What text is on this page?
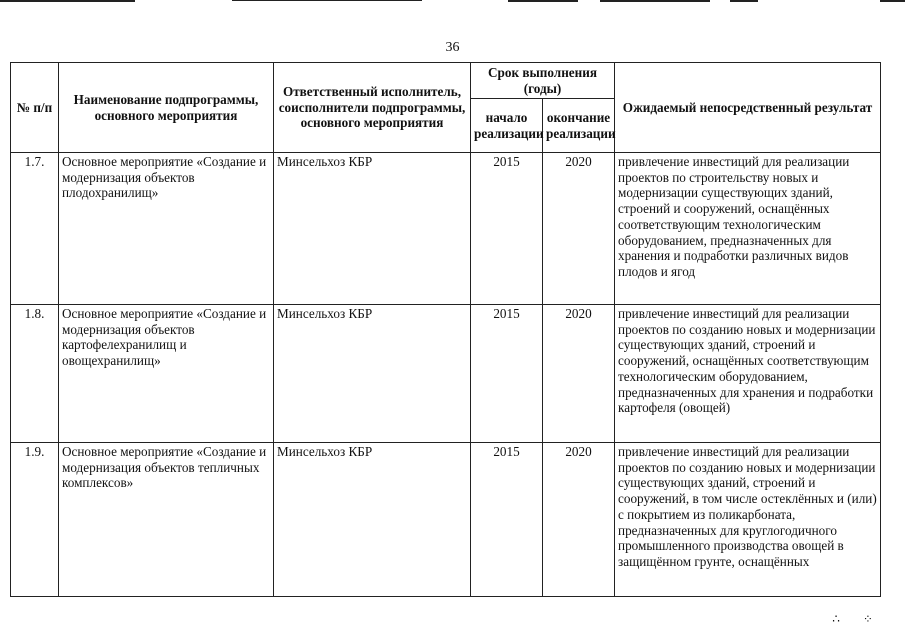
36
№ п/п	Наименование подпрограммы, основного мероприятия	Ответственный исполнитель, соисполнители подпрограммы, основного мероприятия	Срок выполнения (годы)		Ожидаемый непосредственный результат
			начало реализации	окончание реализации	
1.7.	Основное мероприятие «Создание и модернизация объектов плодохранилищ»	Минсельхоз КБР	2015	2020	привлечение инвестиций для реализации проектов по строительству новых и модернизации существующих зданий, строений и сооружений, оснащённых соответствующим технологическим оборудованием, предназначенных для хранения и подработки различных видов плодов и ягод
1.8.	Основное мероприятие «Создание и модернизация объектов картофелехранилищ и овощехранилищ»	Минсельхоз КБР	2015	2020	привлечение инвестиций для реализации проектов по созданию новых и модернизации существующих зданий, строений и сооружений, оснащённых соответствующим технологическим оборудованием, предназначенных для хранения и подработки картофеля (овощей)
1.9.	Основное мероприятие «Создание и модернизация объектов тепличных комплексов»	Минсельхоз КБР	2015	2020	привлечение инвестиций для реализации проектов по созданию новых и модернизации существующих зданий, строений и сооружений, в том числе остеклённых и (или) с покрытием из поликарбоната, предназначенных для круглогодичного промышленного производства овощей в защищённом грунте, оснащённых
∴ ⁘
